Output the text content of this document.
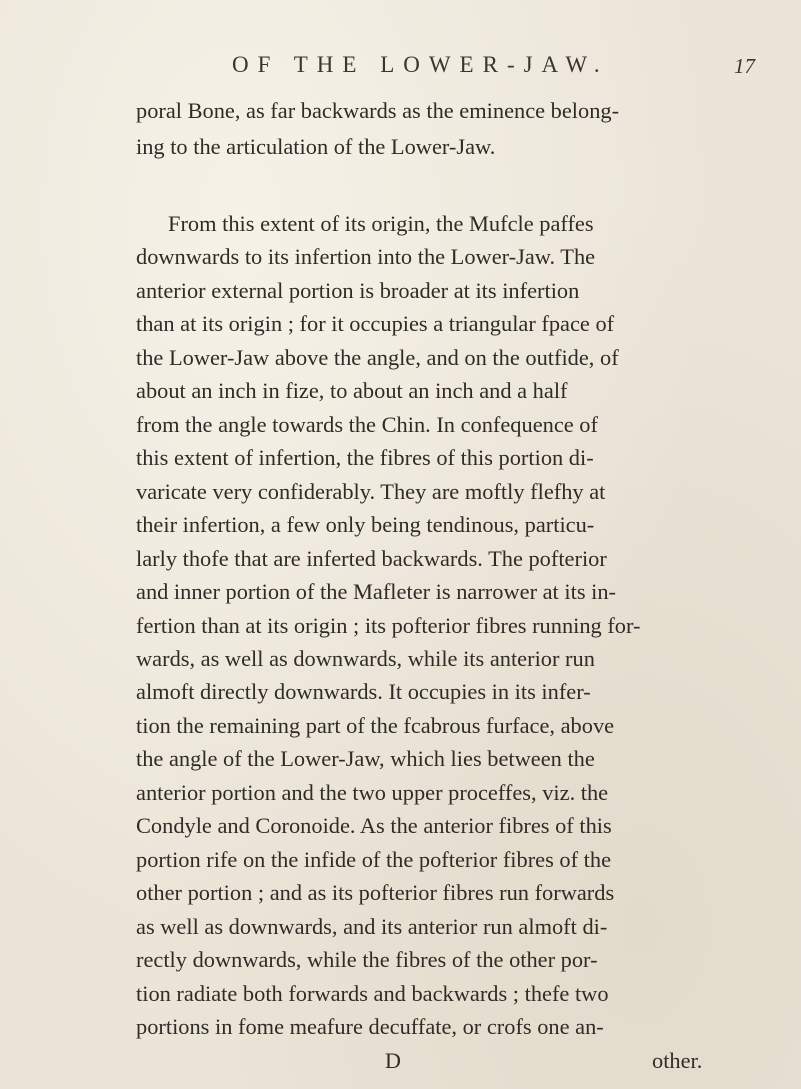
OF THE LOWER-JAW.	17
poral Bone, as far backwards as the eminence belong-
ing to the articulation of the Lower-Jaw.
From this extent of its origin, the Mufcle paffes
downwards to its infertion into the Lower-Jaw. The
anterior external portion is broader at its infertion
than at its origin ; for it occupies a triangular fpace of
the Lower-Jaw above the angle, and on the outfide, of
about an inch in fize, to about an inch and a half
from the angle towards the Chin. In confequence of
this extent of infertion, the fibres of this portion di-
varicate very confiderably. They are moftly flefhy at
their infertion, a few only being tendinous, particu-
larly thofe that are inferted backwards. The pofterior
and inner portion of the Mafleter is narrower at its in-
fertion than at its origin ; its pofterior fibres running for-
wards, as well as downwards, while its anterior run
almoft directly downwards. It occupies in its infer-
tion the remaining part of the fcabrous furface, above
the angle of the Lower-Jaw, which lies between the
anterior portion and the two upper proceffes, viz. the
Condyle and Coronoide. As the anterior fibres of this
portion rife on the infide of the pofterior fibres of the
other portion ; and as its pofterior fibres run forwards
as well as downwards, and its anterior run almoft di-
rectly downwards, while the fibres of the other por-
tion radiate both forwards and backwards ; thefe two
portions in fome meafure decuffate, or crofs one an-
D	other.
